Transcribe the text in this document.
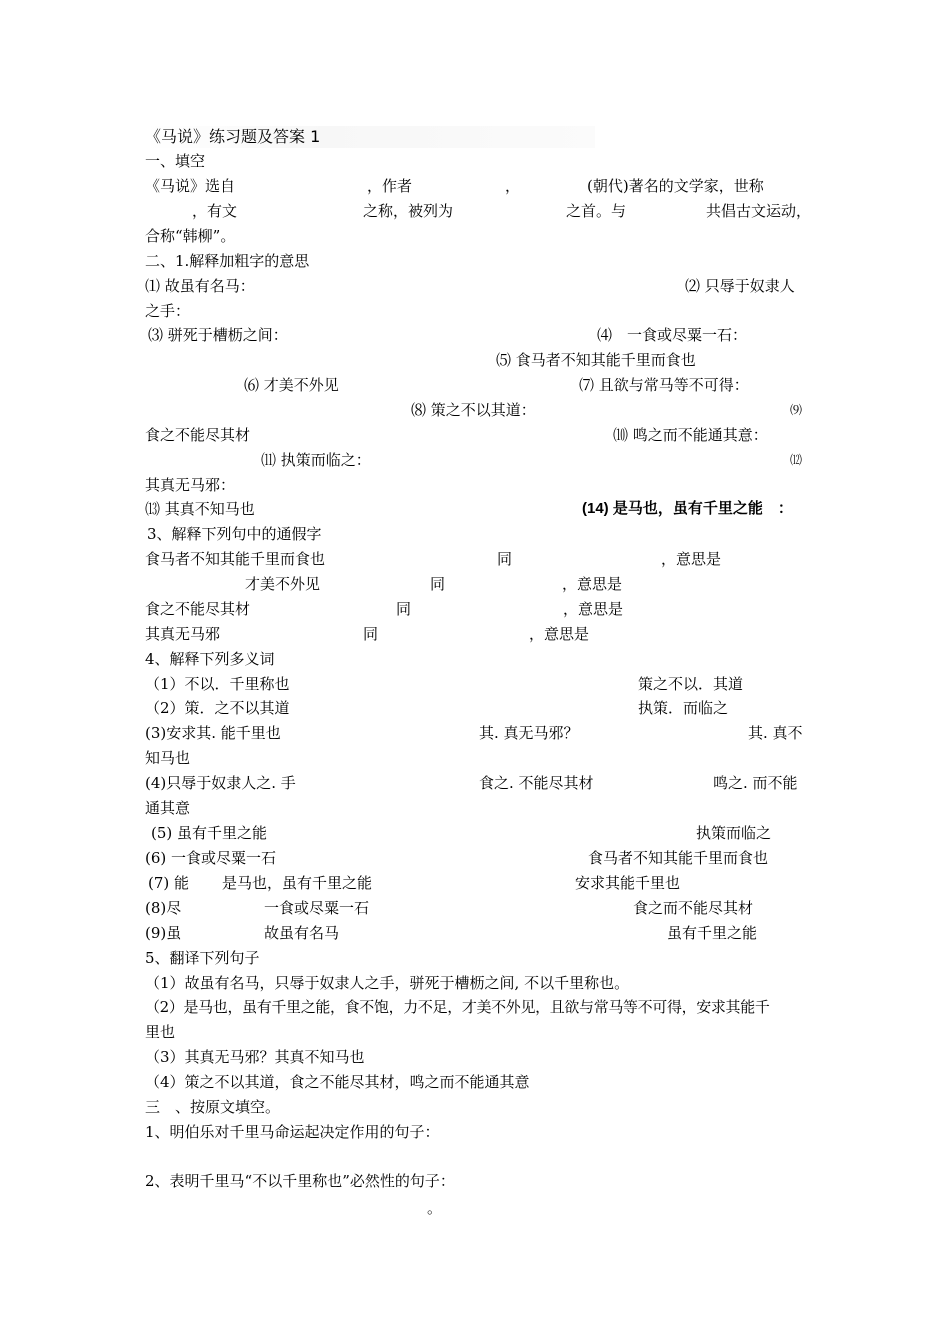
《马说》练习题及答案 1
一、填空
《马说》选自	，作者	，	(朝代)著名的文学家，世称
，有文	之称，被列为	之首。与	共倡古文运动，
合称“韩柳”。
二、1.解释加粗字的意思
⑴ 故虽有名马：	⑵ 只辱于奴隶人
之手：
⑶ 骈死于槽枥之间：	⑷　一食或尽粟一石：
⑸ 食马者不知其能千里而食也
⑹ 才美不外见	⑺ 且欲与常马等不可得：
⑻ 策之不以其道：	⑼
食之不能尽其材	⑽ 鸣之而不能通其意：
⑾ 执策而临之：	⑿
其真无马邪：
⒀ 其真不知马也	(14) 是马也，虽有千里之能　：
3、解释下列句中的通假字
食马者不知其能千里而食也	同	，意思是
才美不外见	同	，意思是
食之不能尽其材	同	，意思是
其真无马邪	同	，意思是
4、解释下列多义词
（1）不以．千里称也	策之不以．其道
（2）策．之不以其道	执策．而临之
(3)安求其. 能千里也	其. 真无马邪？	其. 真不
知马也
(4)只辱于奴隶人之. 手	食之. 不能尽其材	鸣之. 而不能
通其意
(5) 虽有千里之能	执策而临之
(6) 一食或尽粟一石	食马者不知其能千里而食也
(7) 能 是马也，虽有千里之能	安求其能千里也
(8)尽	一食或尽粟一石	食之而不能尽其材
(9)虽	故虽有名马	虽有千里之能
5、翻译下列句子
（1）故虽有名马，只辱于奴隶人之手，骈死于槽枥之间, 不以千里称也。
（2）是马也，虽有千里之能，食不饱，力不足，才美不外见，且欲与常马等不可得，安求其能千
里也
（3）其真无马邪？其真不知马也
（4）策之不以其道，食之不能尽其材，鸣之而不能通其意
三　、按原文填空。
1、明伯乐对千里马命运起决定作用的句子：
2、表明千里马“不以千里称也”必然性的句子：
。
